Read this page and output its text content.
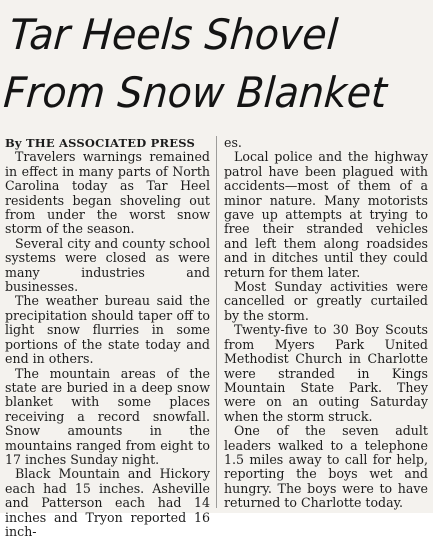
Tar Heels Shovel
From Snow Blanket

By THE ASSOCIATED PRESS

Travelers warnings remained in effect in many parts of North Carolina today as Tar Heel residents began shoveling out from under the worst snow storm of the season.

Several city and county school systems were closed as were many industries and businesses.

The weather bureau said the precipitation should taper off to light snow flurries in some portions of the state today and end in others.

The mountain areas of the state are buried in a deep snow blanket with some places receiving a record snowfall. Snow amounts in the mountains ranged from eight to 17 inches Sunday night.

Black Mountain and Hickory each had 15 inches. Asheville and Patterson each had 14 inches and Tryon reported 16 inch-

es.

Local police and the highway patrol have been plagued with accidents—most of them of a minor nature. Many motorists gave up attempts at trying to free their stranded vehicles and left them along roadsides and in ditches until they could return for them later.

Most Sunday activities were cancelled or greatly curtailed by the storm.

Twenty-five to 30 Boy Scouts from Myers Park United Methodist Church in Charlotte were stranded in Kings Mountain State Park. They were on an outing Saturday when the storm struck.

One of the seven adult leaders walked to a telephone 1.5 miles away to call for help, reporting the boys wet and hungry. The boys were to have returned to Charlotte today.
